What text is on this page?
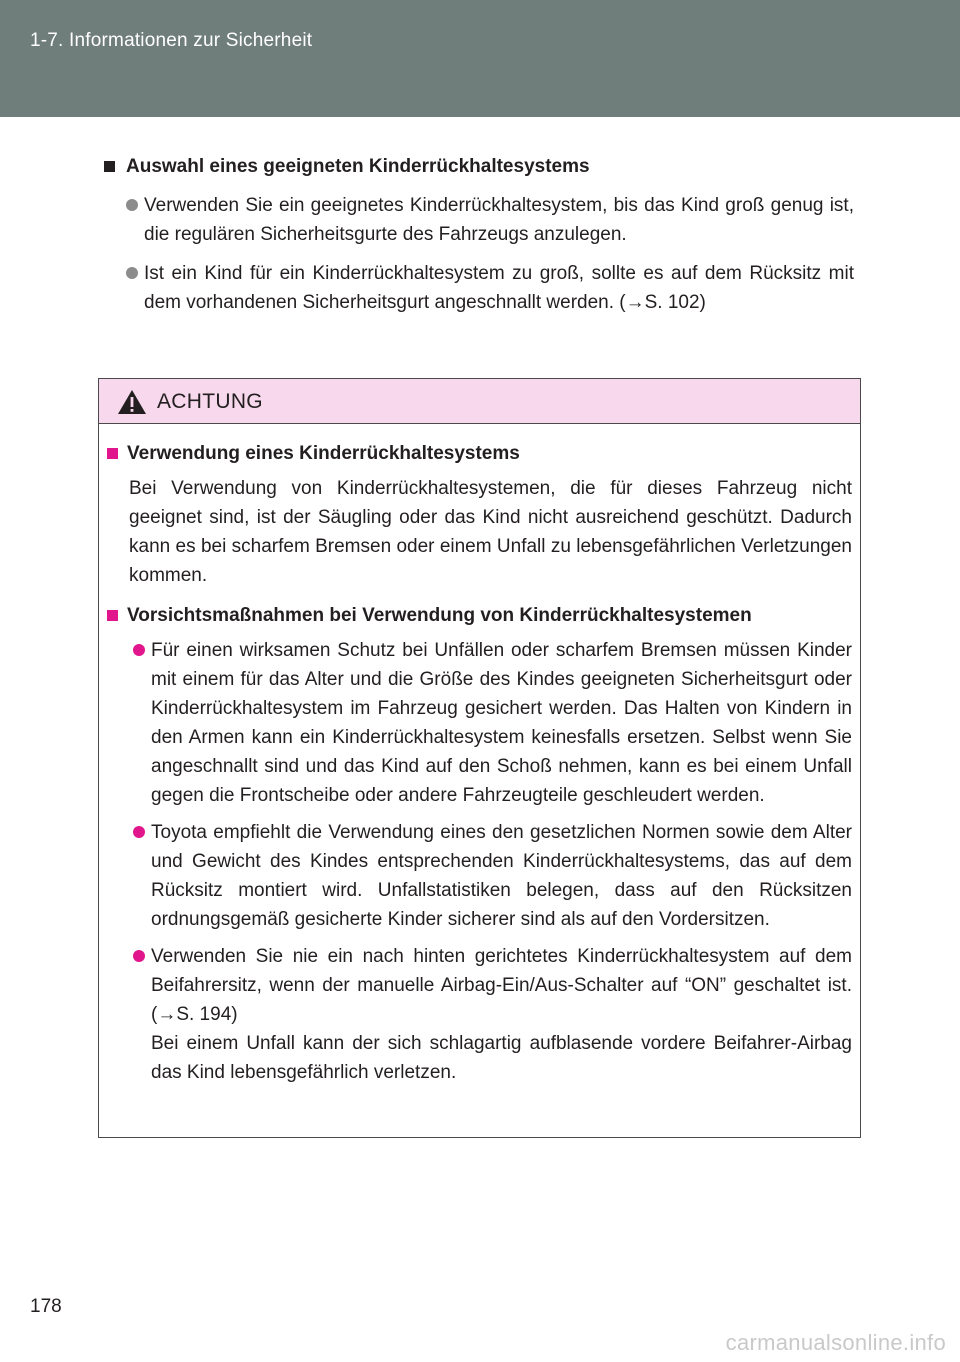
1-7. Informationen zur Sicherheit
Auswahl eines geeigneten Kinderrückhaltesystems
Verwenden Sie ein geeignetes Kinderrückhaltesystem, bis das Kind groß genug ist, die regulären Sicherheitsgurte des Fahrzeugs anzulegen.
Ist ein Kind für ein Kinderrückhaltesystem zu groß, sollte es auf dem Rücksitz mit dem vorhandenen Sicherheitsgurt angeschnallt werden. (→S. 102)
ACHTUNG
Verwendung eines Kinderrückhaltesystems
Bei Verwendung von Kinderrückhaltesystemen, die für dieses Fahrzeug nicht geeignet sind, ist der Säugling oder das Kind nicht ausreichend geschützt. Dadurch kann es bei scharfem Bremsen oder einem Unfall zu lebensgefährlichen Verletzungen kommen.
Vorsichtsmaßnahmen bei Verwendung von Kinderrückhaltesystemen
Für einen wirksamen Schutz bei Unfällen oder scharfem Bremsen müssen Kinder mit einem für das Alter und die Größe des Kindes geeigneten Sicherheitsgurt oder Kinderrückhaltesystem im Fahrzeug gesichert werden. Das Halten von Kindern in den Armen kann ein Kinderrückhaltesystem keinesfalls ersetzen. Selbst wenn Sie angeschnallt sind und das Kind auf den Schoß nehmen, kann es bei einem Unfall gegen die Frontscheibe oder andere Fahrzeugteile geschleudert werden.
Toyota empfiehlt die Verwendung eines den gesetzlichen Normen sowie dem Alter und Gewicht des Kindes entsprechenden Kinderrückhaltesystems, das auf dem Rücksitz montiert wird. Unfallstatistiken belegen, dass auf den Rücksitzen ordnungsgemäß gesicherte Kinder sicherer sind als auf den Vordersitzen.
Verwenden Sie nie ein nach hinten gerichtetes Kinderrückhaltesystem auf dem Beifahrersitz, wenn der manuelle Airbag-Ein/Aus-Schalter auf “ON” geschaltet ist. (→S. 194)
Bei einem Unfall kann der sich schlagartig aufblasende vordere Beifahrer-Airbag das Kind lebensgefährlich verletzen.
178
carmanualsonline.info
